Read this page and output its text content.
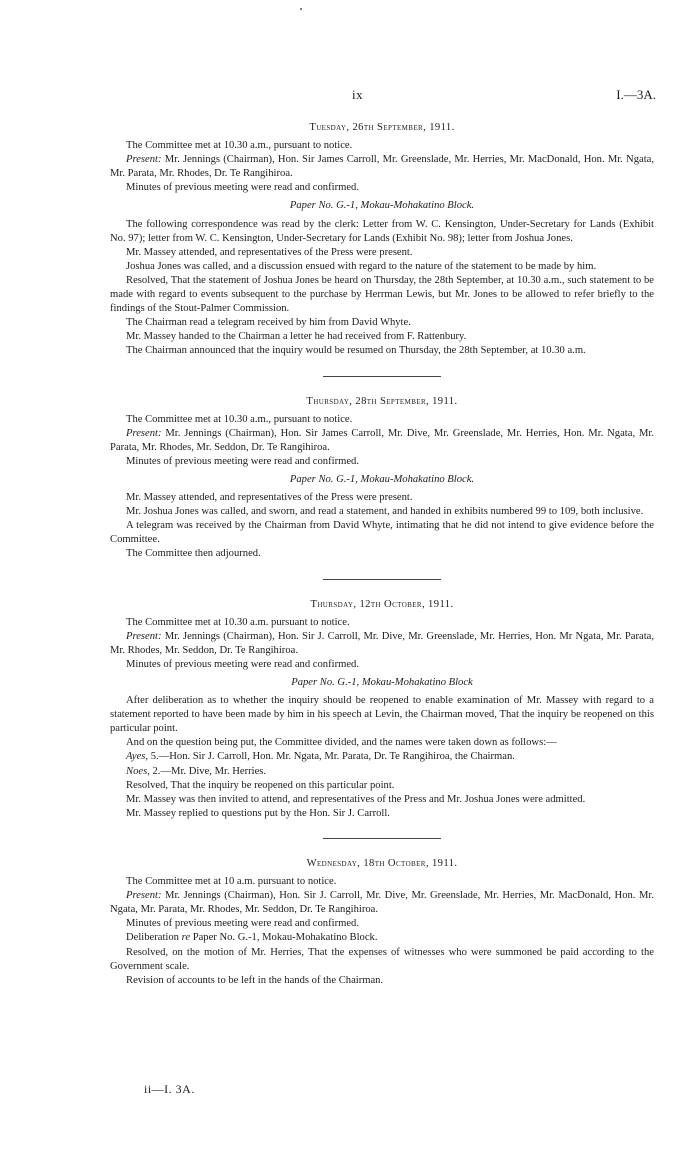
ix	I.—3A.
Tuesday, 26th September, 1911.

The Committee met at 10.30 a.m., pursuant to notice.

Present: Mr. Jennings (Chairman), Hon. Sir James Carroll, Mr. Greenslade, Mr. Herries, Mr. MacDonald, Hon. Mr. Ngata, Mr. Parata, Mr. Rhodes, Dr. Te Rangihiroa.

Minutes of previous meeting were read and confirmed.

Paper No. G.-1, Mokau-Mohakatino Block.

The following correspondence was read by the clerk: Letter from W. C. Kensington, Under-Secretary for Lands (Exhibit No. 97); letter from W. C. Kensington, Under-Secretary for Lands (Exhibit No. 98); letter from Joshua Jones.

Mr. Massey attended, and representatives of the Press were present.

Joshua Jones was called, and a discussion ensued with regard to the nature of the statement to be made by him.

Resolved, That the statement of Joshua Jones be heard on Thursday, the 28th September, at 10.30 a.m., such statement to be made with regard to events subsequent to the purchase by Herrman Lewis, but Mr. Jones to be allowed to refer briefly to the findings of the Stout-Palmer Commission.

The Chairman read a telegram received by him from David Whyte.

Mr. Massey handed to the Chairman a letter he had received from F. Rattenbury.

The Chairman announced that the inquiry would be resumed on Thursday, the 28th September, at 10.30 a.m.

Thursday, 28th September, 1911.

The Committee met at 10.30 a.m., pursuant to notice.

Present: Mr. Jennings (Chairman), Hon. Sir James Carroll, Mr. Dive, Mr. Greenslade, Mr. Herries, Hon. Mr. Ngata, Mr. Parata, Mr. Rhodes, Mr. Seddon, Dr. Te Rangihiroa.

Minutes of previous meeting were read and confirmed.

Paper No. G.-1, Mokau-Mohakatino Block.

Mr. Massey attended, and representatives of the Press were present.

Mr. Joshua Jones was called, and sworn, and read a statement, and handed in exhibits numbered 99 to 109, both inclusive.

A telegram was received by the Chairman from David Whyte, intimating that he did not intend to give evidence before the Committee.

The Committee then adjourned.

Thursday, 12th October, 1911.

The Committee met at 10.30 a.m. pursuant to notice.

Present: Mr. Jennings (Chairman), Hon. Sir J. Carroll, Mr. Dive, Mr. Greenslade, Mr. Herries, Hon. Mr Ngata, Mr. Parata, Mr. Rhodes, Mr. Seddon, Dr. Te Rangihiroa.

Minutes of previous meeting were read and confirmed.

Paper No. G.-1, Mokau-Mohakatino Block

After deliberation as to whether the inquiry should be reopened to enable examination of Mr. Massey with regard to a statement reported to have been made by him in his speech at Levin, the Chairman moved, That the inquiry be reopened on this particular point.

And on the question being put, the Committee divided, and the names were taken down as follows:—

Ayes, 5.—Hon. Sir J. Carroll, Hon. Mr. Ngata, Mr. Parata, Dr. Te Rangihiroa, the Chairman.

Noes, 2.—Mr. Dive, Mr. Herries.

Resolved, That the inquiry be reopened on this particular point.

Mr. Massey was then invited to attend, and representatives of the Press and Mr. Joshua Jones were admitted.

Mr. Massey replied to questions put by the Hon. Sir J. Carroll.

Wednesday, 18th October, 1911.

The Committee met at 10 a.m. pursuant to notice.

Present: Mr. Jennings (Chairman), Hon. Sir J. Carroll, Mr. Dive, Mr. Greenslade, Mr. Herries, Mr. MacDonald, Hon. Mr. Ngata, Mr. Parata, Mr. Rhodes, Mr. Seddon, Dr. Te Rangihiroa.

Minutes of previous meeting were read and confirmed.

Deliberation re Paper No. G.-1, Mokau-Mohakatino Block.

Resolved, on the motion of Mr. Herries, That the expenses of witnesses who were summoned be paid according to the Government scale.

Revision of accounts to be left in the hands of the Chairman.

ii—I. 3A.
